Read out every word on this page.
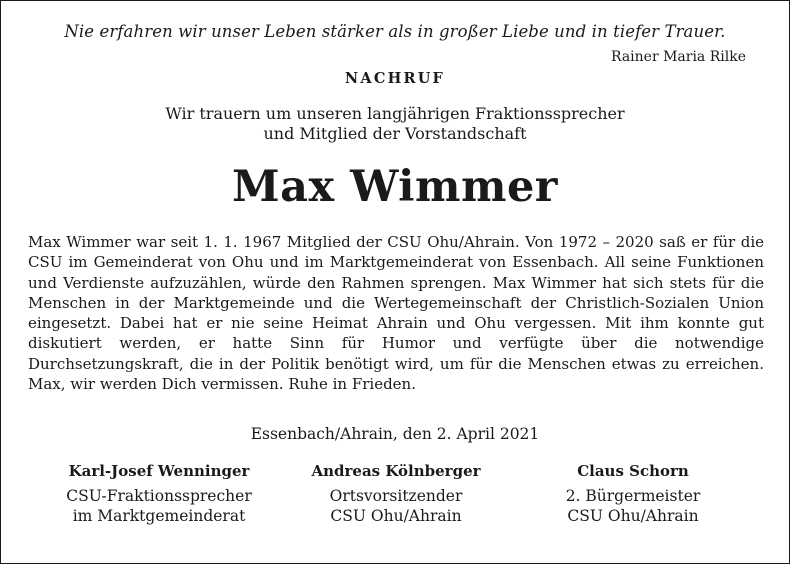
Nie erfahren wir unser Leben stärker als in großer Liebe und in tiefer Trauer.
Rainer Maria Rilke
NACHRUF
Wir trauern um unseren langjährigen Fraktionssprecher
und Mitglied der Vorstandschaft
Max Wimmer
Max Wimmer war seit 1. 1. 1967 Mitglied der CSU Ohu/Ahrain. Von 1972 – 2020 saß er für die CSU im Gemeinderat von Ohu und im Marktgemeinderat von Essenbach. All seine Funktionen und Verdienste aufzuzählen, würde den Rahmen sprengen. Max Wimmer hat sich stets für die Menschen in der Marktgemeinde und die Wertegemeinschaft der Christlich-Sozialen Union eingesetzt. Dabei hat er nie seine Heimat Ahrain und Ohu vergessen. Mit ihm konnte gut diskutiert werden, er hatte Sinn für Humor und verfügte über die notwendige Durchsetzungskraft, die in der Politik benötigt wird, um für die Menschen etwas zu erreichen. Max, wir werden Dich vermissen. Ruhe in Frieden.
Essenbach/Ahrain, den 2. April 2021
Karl-Josef Wenninger
CSU-Fraktionssprecher
im Marktgemeinderat
Andreas Kölnberger
Ortsvorsitzender
CSU Ohu/Ahrain
Claus Schorn
2. Bürgermeister
CSU Ohu/Ahrain
